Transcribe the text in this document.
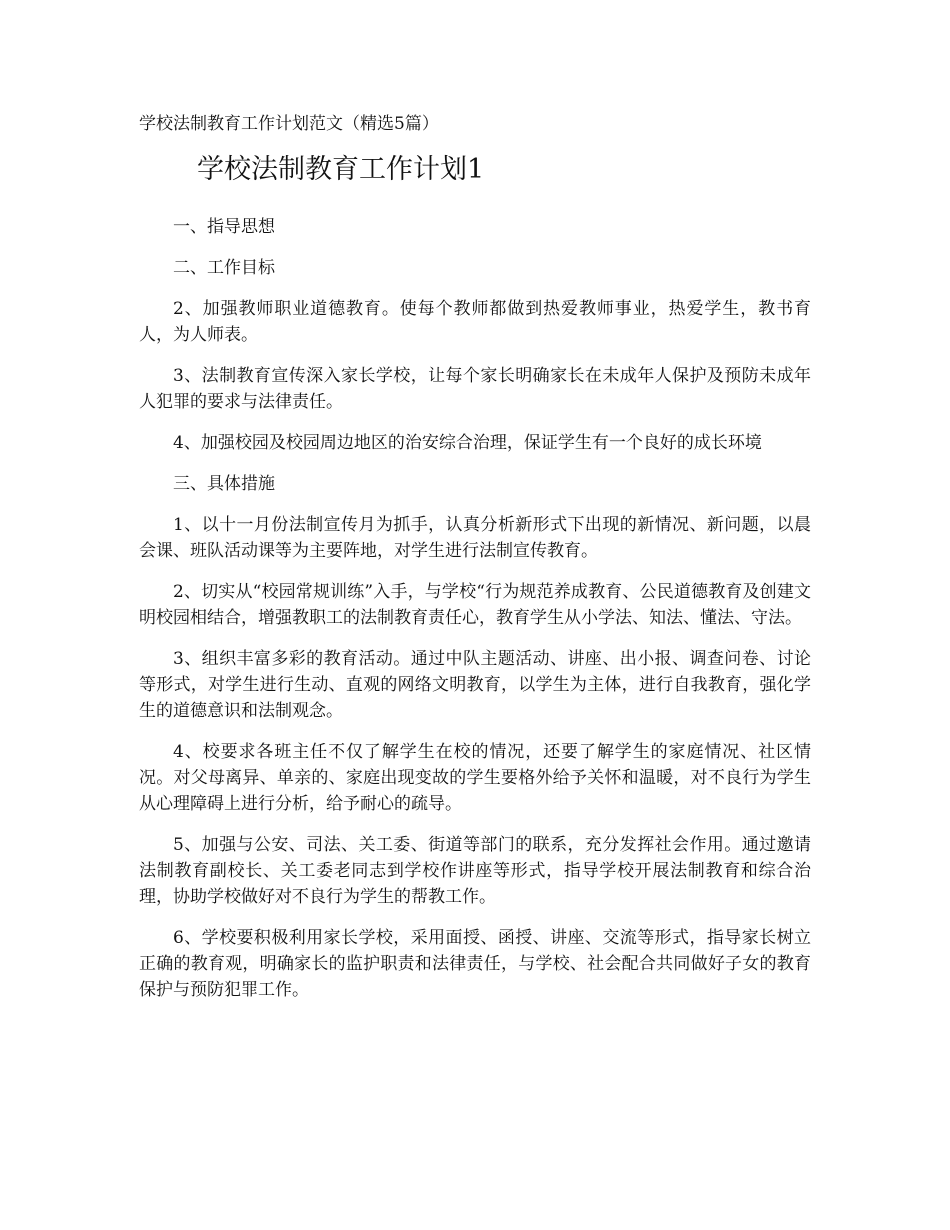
学校法制教育工作计划范文（精选5篇）
学校法制教育工作计划1

一、指导思想

二、工作目标

2、加强教师职业道德教育。使每个教师都做到热爱教师事业，热爱学生，教书育人，为人师表。

3、法制教育宣传深入家长学校，让每个家长明确家长在未成年人保护及预防未成年人犯罪的要求与法律责任。

4、加强校园及校园周边地区的治安综合治理，保证学生有一个良好的成长环境

三、具体措施

1、以十一月份法制宣传月为抓手，认真分析新形式下出现的新情况、新问题，以晨会课、班队活动课等为主要阵地，对学生进行法制宣传教育。

2、切实从“校园常规训练”入手，与学校“行为规范养成教育、公民道德教育及创建文明校园相结合，增强教职工的法制教育责任心，教育学生从小学法、知法、懂法、守法。

3、组织丰富多彩的教育活动。通过中队主题活动、讲座、出小报、调查问卷、讨论等形式，对学生进行生动、直观的网络文明教育，以学生为主体，进行自我教育，强化学生的道德意识和法制观念。

4、校要求各班主任不仅了解学生在校的情况，还要了解学生的家庭情况、社区情况。对父母离异、单亲的、家庭出现变故的学生要格外给予关怀和温暖，对不良行为学生从心理障碍上进行分析，给予耐心的疏导。

5、加强与公安、司法、关工委、街道等部门的联系，充分发挥社会作用。通过邀请法制教育副校长、关工委老同志到学校作讲座等形式，指导学校开展法制教育和综合治理，协助学校做好对不良行为学生的帮教工作。

6、学校要积极利用家长学校，采用面授、函授、讲座、交流等形式，指导家长树立正确的教育观，明确家长的监护职责和法律责任，与学校、社会配合共同做好子女的教育保护与预防犯罪工作。
